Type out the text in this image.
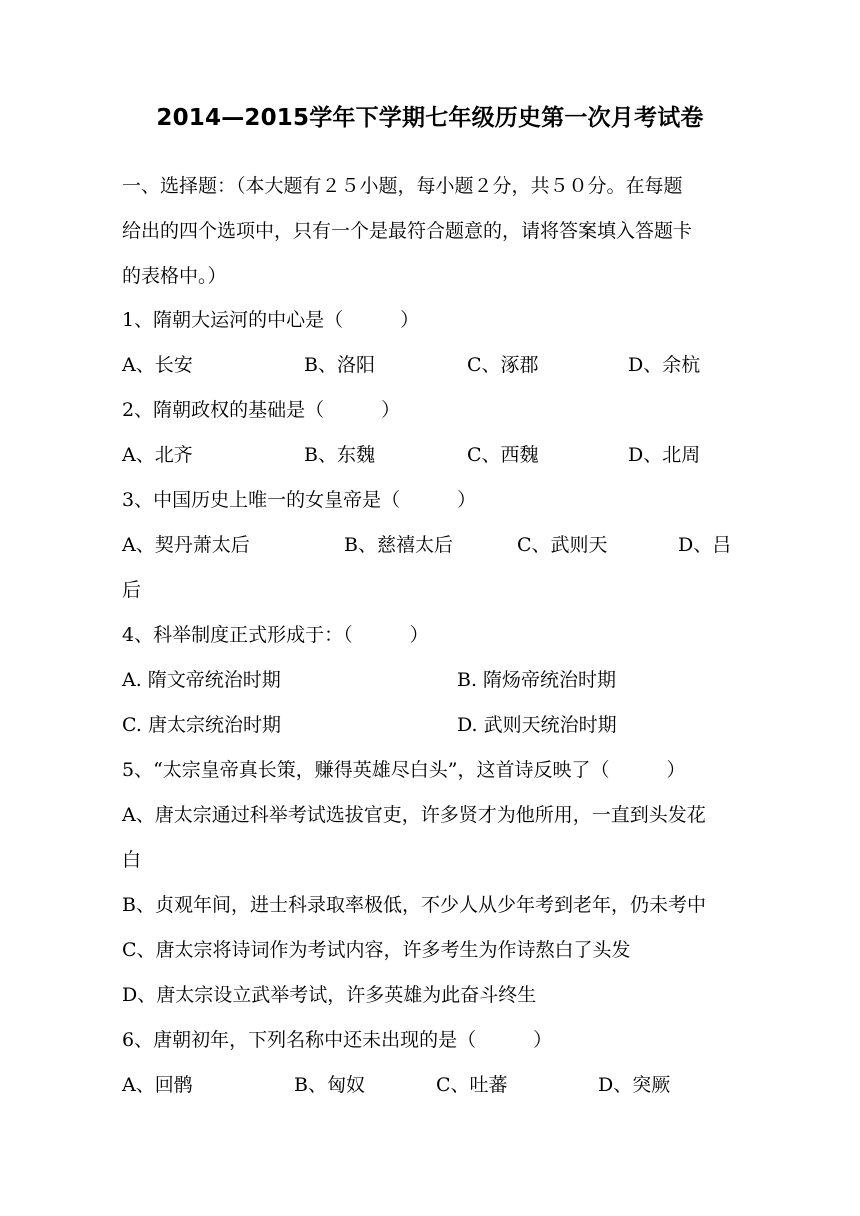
2014—2015学年下学期七年级历史第一次月考试卷
一、选择题：（本大题有２５小题，每小题２分，共５０分。在每题
给出的四个选项中，只有一个是最符合题意的，请将答案填入答题卡
的表格中。）
1、隋朝大运河的中心是（　　　）
A、长安	B、洛阳	C、涿郡	D、余杭
2、隋朝政权的基础是（　　　）
A、北齐	B、东魏	C、西魏	D、北周
3、中国历史上唯一的女皇帝是（　　　）
A、契丹萧太后	B、慈禧太后	C、武则天	D、吕
后
4、科举制度正式形成于：（　　　）
A. 隋文帝统治时期	B. 隋炀帝统治时期
C. 唐太宗统治时期	D. 武则天统治时期
5、“太宗皇帝真长策，赚得英雄尽白头”，这首诗反映了（　　　）
A、唐太宗通过科举考试选拔官吏，许多贤才为他所用，一直到头发花
白
B、贞观年间，进士科录取率极低，不少人从少年考到老年，仍未考中
C、唐太宗将诗词作为考试内容，许多考生为作诗熬白了头发
D、唐太宗设立武举考试，许多英雄为此奋斗终生
6、唐朝初年，下列名称中还未出现的是（　　　）
A、回鹘	B、匈奴	C、吐蕃	D、突厥
